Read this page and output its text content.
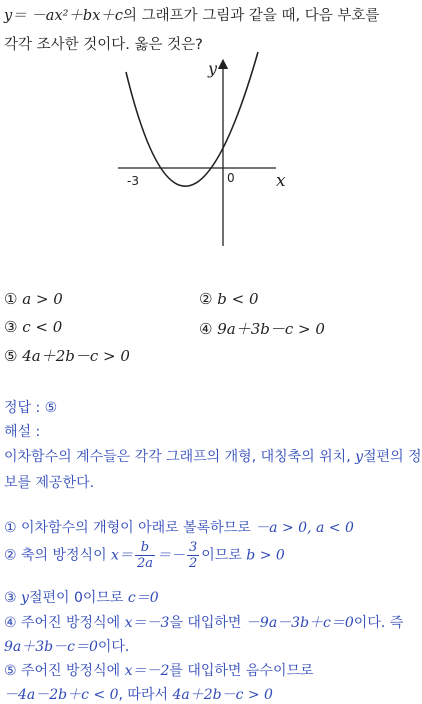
y＝ －ax²＋bx＋c의 그래프가 그림과 같을 때, 다음 부호를
각각 조사한 것이다. 옳은 것은?
y
x
-3	0
① a > 0	② b < 0
③ c < 0	④ 9a＋3b－c > 0
⑤ 4a＋2b－c > 0
정답 : ⑤
해설 :
이차함수의 계수들은 각각 그래프의 개형, 대칭축의 위치, y절편의 정
보를 제공한다.
① 이차함수의 개형이 아래로 볼록하므로 －a > 0, a < 0
② 축의 방정식이 $x= \frac{b}{2a} =- \frac{3}{2}$ 이므로 b > 0
③ y절편이 0이므로 c＝0
④ 주어진 방정식에 x＝－3을 대입하면 －9a－3b＋c＝0이다. 즉
9a＋3b－c＝0이다.
⑤ 주어진 방정식에 x＝－2를 대입하면 음수이므로
－4a－2b＋c < 0, 따라서 4a＋2b－c > 0
